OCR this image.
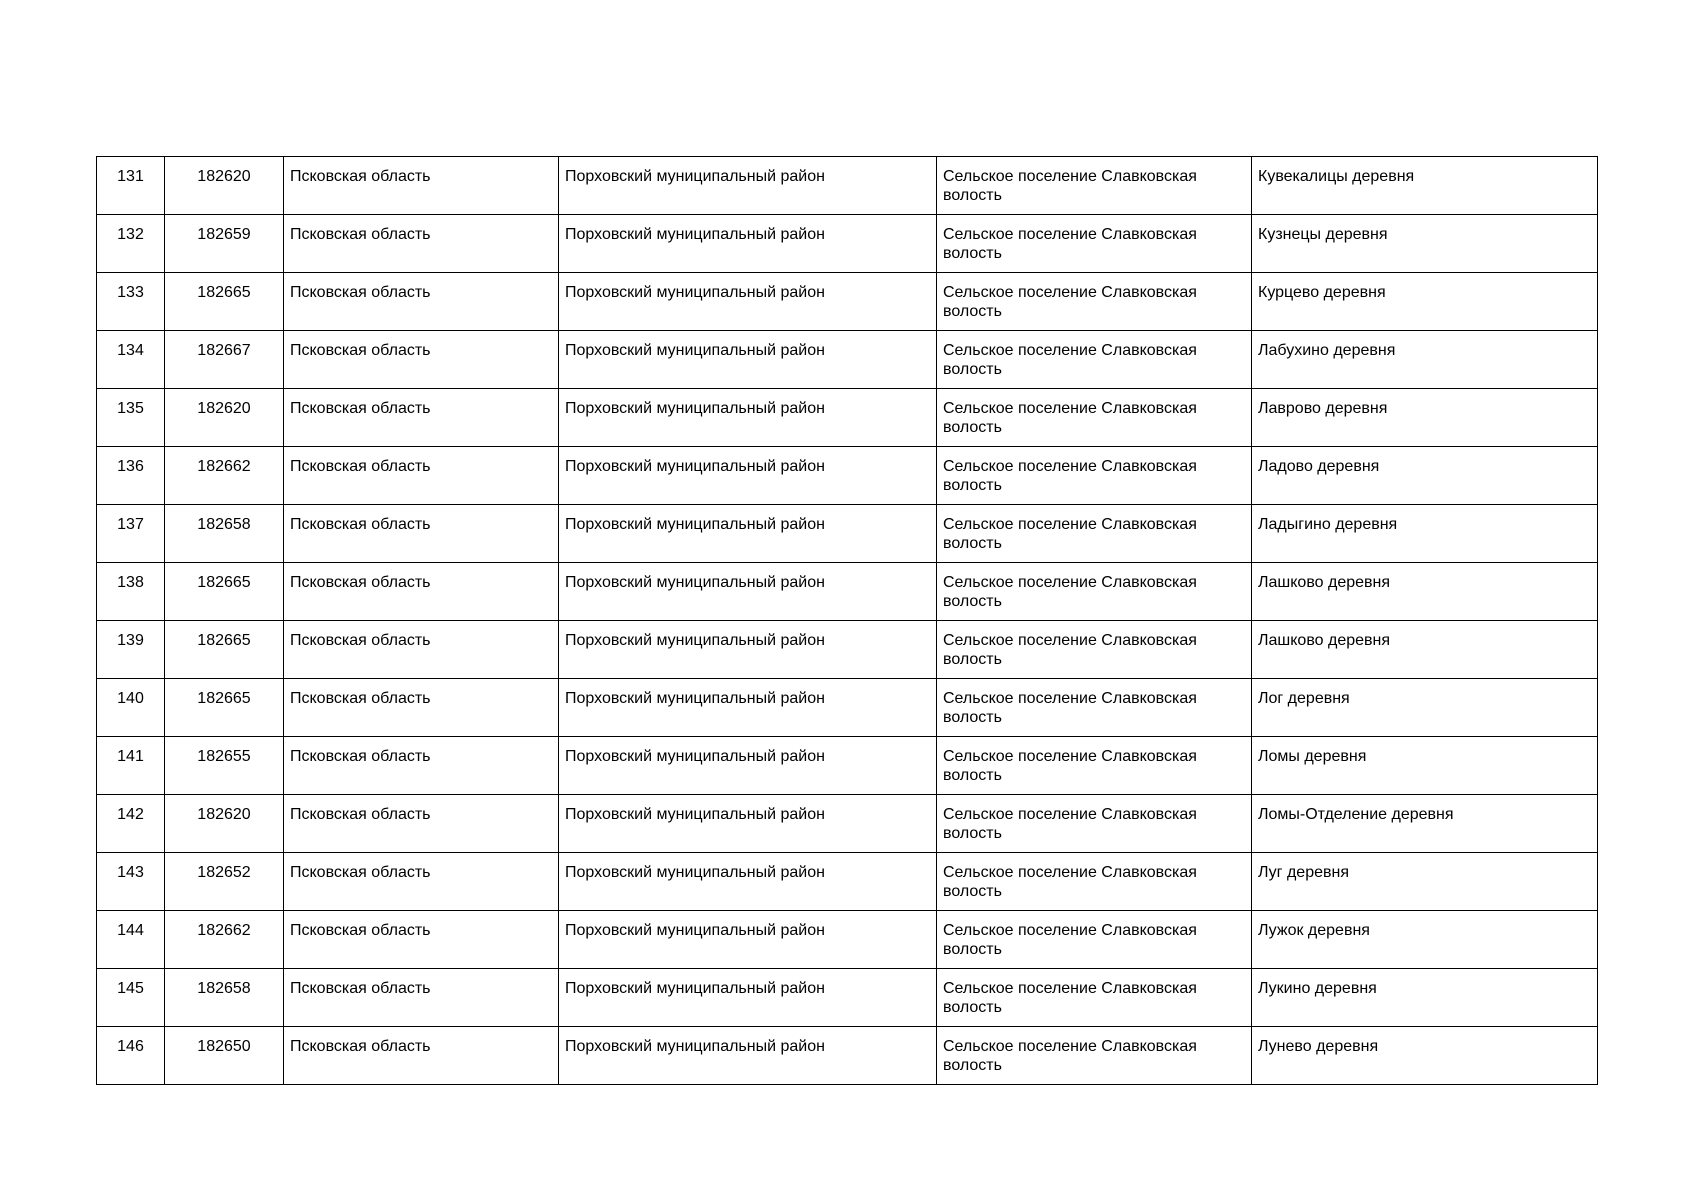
131	182620	Псковская область	Порховский муниципальный район	Сельское поселение Славковская волость	Кувекалицы деревня
132	182659	Псковская область	Порховский муниципальный район	Сельское поселение Славковская волость	Кузнецы деревня
133	182665	Псковская область	Порховский муниципальный район	Сельское поселение Славковская волость	Курцево деревня
134	182667	Псковская область	Порховский муниципальный район	Сельское поселение Славковская волость	Лабухино деревня
135	182620	Псковская область	Порховский муниципальный район	Сельское поселение Славковская волость	Лаврово деревня
136	182662	Псковская область	Порховский муниципальный район	Сельское поселение Славковская волость	Ладово деревня
137	182658	Псковская область	Порховский муниципальный район	Сельское поселение Славковская волость	Ладыгино деревня
138	182665	Псковская область	Порховский муниципальный район	Сельское поселение Славковская волость	Лашково деревня
139	182665	Псковская область	Порховский муниципальный район	Сельское поселение Славковская волость	Лашково деревня
140	182665	Псковская область	Порховский муниципальный район	Сельское поселение Славковская волость	Лог деревня
141	182655	Псковская область	Порховский муниципальный район	Сельское поселение Славковская волость	Ломы деревня
142	182620	Псковская область	Порховский муниципальный район	Сельское поселение Славковская волость	Ломы-Отделение деревня
143	182652	Псковская область	Порховский муниципальный район	Сельское поселение Славковская волость	Луг деревня
144	182662	Псковская область	Порховский муниципальный район	Сельское поселение Славковская волость	Лужок деревня
145	182658	Псковская область	Порховский муниципальный район	Сельское поселение Славковская волость	Лукино деревня
146	182650	Псковская область	Порховский муниципальный район	Сельское поселение Славковская волость	Лунево деревня
